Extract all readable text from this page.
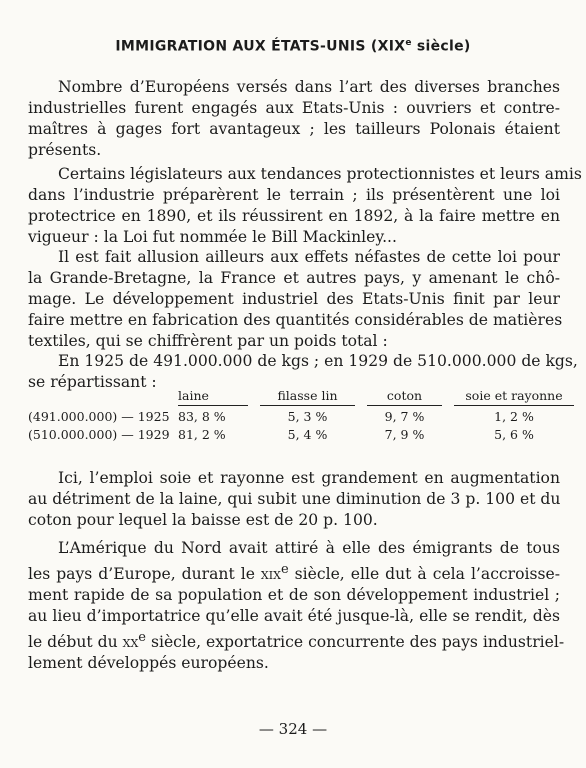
IMMIGRATION AUX ÉTATS-UNIS (XIXe siècle)
Nombre d’Européens versés dans l’art des diverses branches
industrielles furent engagés aux Etats-Unis : ouvriers et contre-
maîtres à gages fort avantageux ; les tailleurs Polonais étaient
présents.
Certains législateurs aux tendances protectionnistes et leurs amis
dans l’industrie préparèrent le terrain ; ils présentèrent une loi
protectrice en 1890, et ils réussirent en 1892, à la faire mettre en
vigueur : la Loi fut nommée le Bill Mackinley...
Il est fait allusion ailleurs aux effets néfastes de cette loi pour
la Grande-Bretagne, la France et autres pays, y amenant le chô-
mage. Le développement industriel des Etats-Unis finit par leur
faire mettre en fabrication des quantités considérables de matières
textiles, qui se chiffrèrent par un poids total :
En 1925 de 491.000.000 de kgs ; en 1929 de 510.000.000 de kgs,
se répartissant :
	laine		filasse lin		coton		soie et rayonne
(491.000.000) — 1925	83, 8 %		5, 3 %		9, 7 %		1, 2 %
(510.000.000) — 1929	81, 2 %		5, 4 %		7, 9 %		5, 6 %
Ici, l’emploi soie et rayonne est grandement en augmentation
au détriment de la laine, qui subit une diminution de 3 p. 100 et du
coton pour lequel la baisse est de 20 p. 100.
L’Amérique du Nord avait attiré à elle des émigrants de tous
les pays d’Europe, durant le xix$^e$ siècle, elle dut à cela l’accroisse-
ment rapide de sa population et de son développement industriel ;
au lieu d’importatrice qu’elle avait été jusque-là, elle se rendit, dès
le début du $xx^e$ siècle, exportatrice concurrente des pays industriel-
lement développés européens.
— 324 —
